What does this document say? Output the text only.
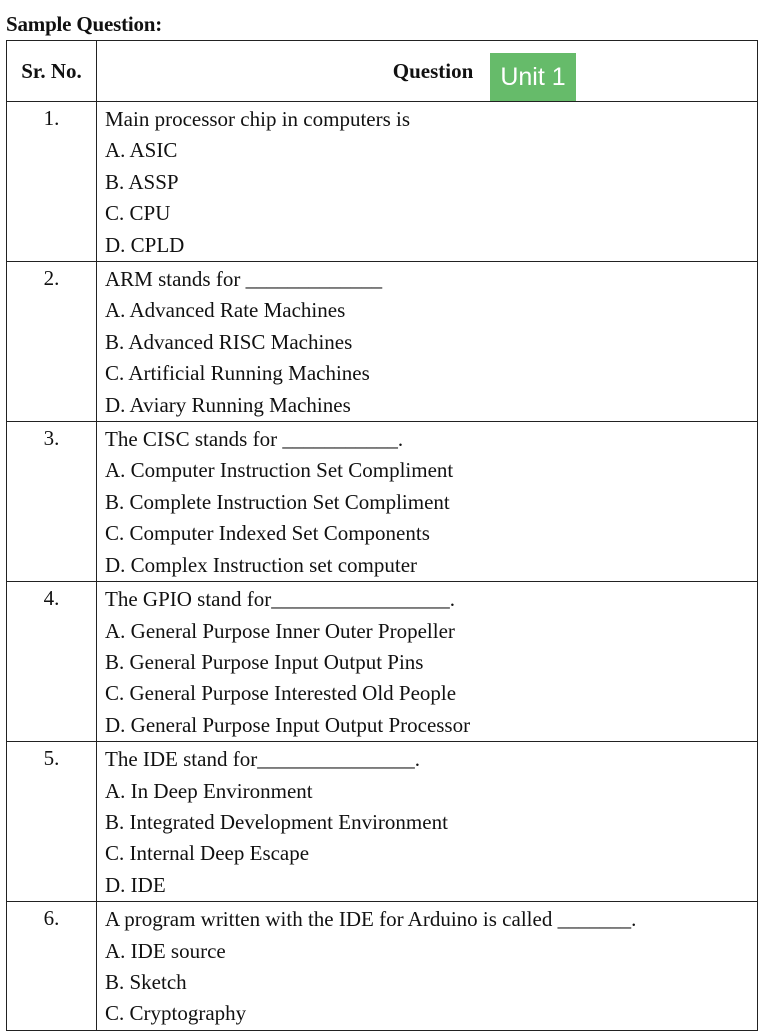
Sample Question:
Sr. No.	Question Unit 1

1.	Main processor chip in computers is
A. ASIC
B. ASSP
C. CPU
D. CPLD

2.	ARM stands for _____________
A. Advanced Rate Machines
B. Advanced RISC Machines
C. Artificial Running Machines
D. Aviary Running Machines

3.	The CISC stands for ___________.
A. Computer Instruction Set Compliment
B. Complete Instruction Set Compliment
C. Computer Indexed Set Components
D. Complex Instruction set computer

4.	The GPIO stand for_________________.
A. General Purpose Inner Outer Propeller
B. General Purpose Input Output Pins
C. General Purpose Interested Old People
D. General Purpose Input Output Processor

5.	The IDE stand for_______________.
A. In Deep Environment
B. Integrated Development Environment
C. Internal Deep Escape
D. IDE

6.	A program written with the IDE for Arduino is called _______.
A. IDE source
B. Sketch
C. Cryptography
